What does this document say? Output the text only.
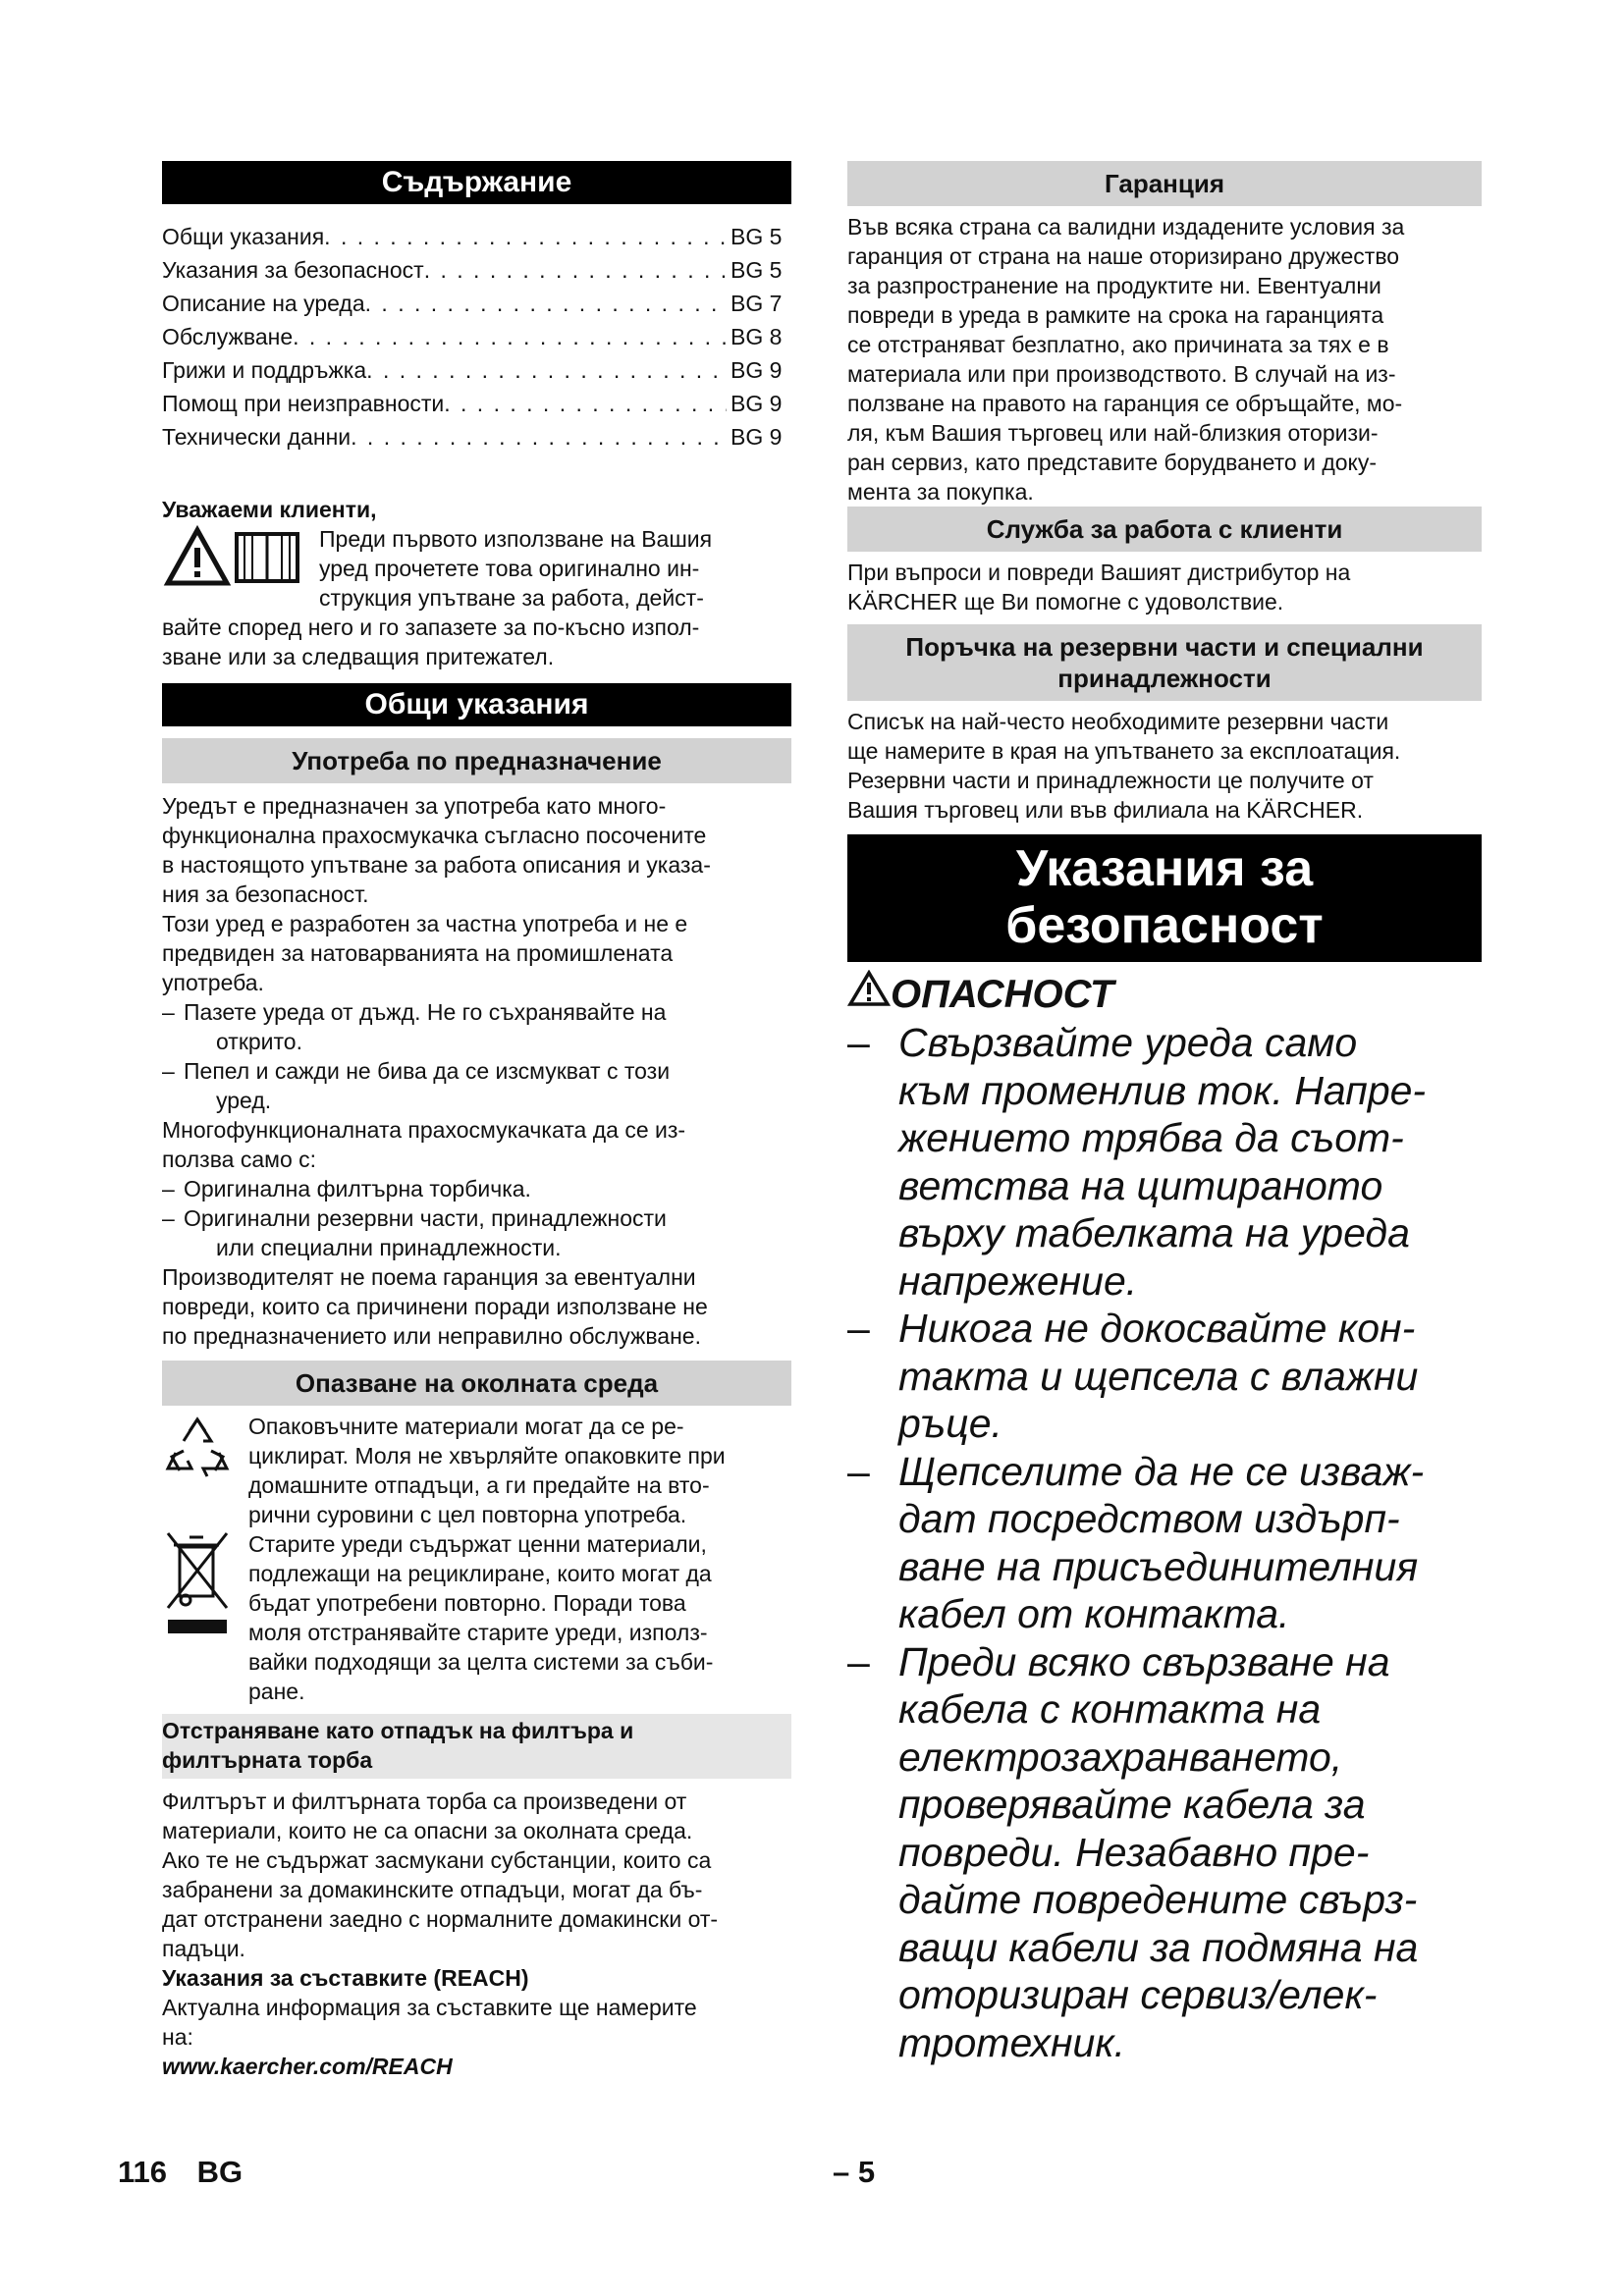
Съдържание
Общи указания . . .	BG 5
Указания за безопасност . . .	BG 5
Описание на уреда . . .	BG 7
Обслужване . . .	BG 8
Грижи и поддръжка . . .	BG 9
Помощ при неизправности . . .	BG 9
Технически данни . . .	BG 9

Уважаеми клиенти,

Преди първото използване на Вашия

уред прочетете това оригинално ин-

струкция упътване за работа, дейст-

вайте според него и го запазете за по-късно изпол-

зване или за следващия притежател.

Общи указания
Употреба по предназначение

Уредът е предназначен за употреба като много-

функционална прахосмукачка съгласно посочените

в настоящото упътване за работа описания и указа-

ния за безопасност.

Този уред е разработен за частна употреба и не е

предвиден за натоварванията на промишлената

употреба.

– Пазете уреда от дъжд. Не го съхранявайте на
открито.
– Пепел и сажди не бива да се изсмукват с този
уред.

Многофункционалната прахосмукачката да се из-

ползва само с:

– Оригинална филтърна торбичка.
– Оригинални резервни части, принадлежности
или специални принадлежности.

Производителят не поема гаранция за евентуални

повреди, които са причинени поради използване не

по предназначението или неправилно обслужване.

Опазване на околната среда

Опаковъчните материали могат да се ре-

циклират. Моля не хвърляйте опаковките при

домашните отпадъци, а ги предайте на вто-

рични суровини с цел повторна употреба.

Старите уреди съдържат ценни материали,

подлежащи на рециклиране, които могат да

бъдат употребени повторно. Поради това

моля отстранявайте старите уреди, използ-

вайки подходящи за целта системи за съби-

ране.

Отстраняване като отпадък на филтъра и
филтърната торба

Филтърът и филтърната торба са произведени от

материали, които не са опасни за околната среда.

Ако те не съдържат засмукани субстанции, които са

забранени за домакинските отпадъци, могат да бъ-

дат отстранени заедно с нормалните домакински от-

падъци.

Указания за съставките (REACH)

Актуална информация за съставките ще намерите

на:

www.kaercher.com/REACH

Гаранция

Във всяка страна са валидни издадените условия за

гаранция от страна на наше оторизирано дружество

за разпространение на продуктите ни. Евентуални

повреди в уреда в рамките на срока на гаранцията

се отстраняват безплатно, ако причината за тях е в

материала или при производството. В случай на из-

ползване на правото на гаранция се обръщайте, мо-

ля, към Вашия търговец или най-близкия оторизи-

ран сервиз, като представите борудването и доку-

мента за покупка.

Служба за работа с клиенти

При въпроси и повреди Вашият дистрибутор на

KÄRCHER ще Ви помогне с удоволствие.

Поръчка на резервни части и специални
принадлежности

Списък на най-често необходимите резервни части

ще намерите в края на упътването за експлоатация.

Резервни части и принадлежности це получите от

Вашия търговец или във филиала на KÄRCHER.

Указания за
безопасност
ОПАСНОСТ
– Свързвайте уреда само
към променлив ток. Напре-
жението трябва да съот-
ветства на цитираното
върху табелката на уреда
напрежение.
– Никога не докосвайте кон-
такта и щепсела с влажни
ръце.
– Щепселите да не се изваж-
дат посредством издърп-
ване на присъединителния
кабел от контакта.
– Преди всяко свързване на
кабела с контакта на
електрозахранването,
проверявайте кабела за
повреди. Незабавно пре-
дайте повредените свърз-
ващи кабели за подмяна на
оторизиран сервиз/елек-
тротехник.
116 BG	– 5
